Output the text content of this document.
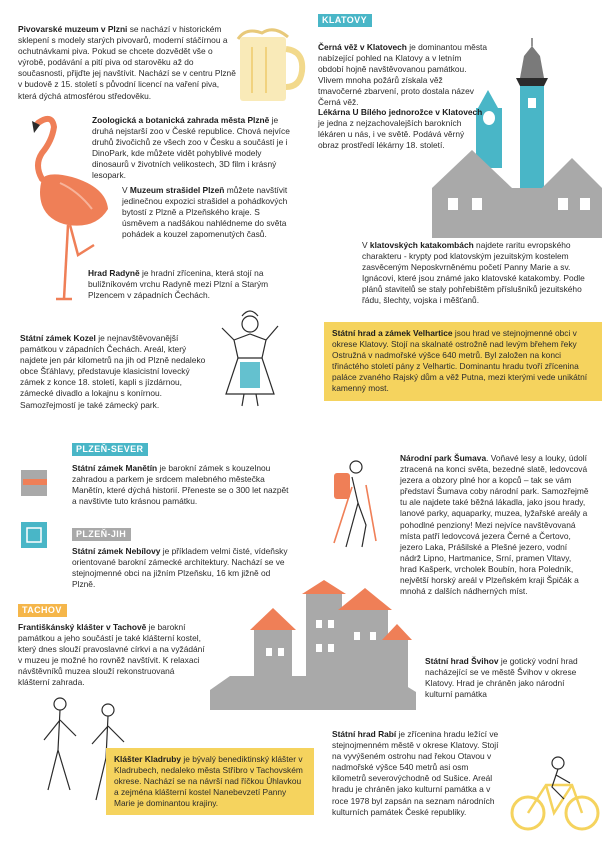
KLATOVY
PLZEŇ-SEVER
PLZEŇ-JIH
TACHOV
Pivovarské muzeum v Plzni se nachází v historickém sklepení s modely starých pivovarů, moderní stáčírnou a ochutnávkami piva. Pokud se chcete dozvědět vše o výrobě, podávání a pití piva od starověku až do současnosti, přijďte jej navštívit. Nachází se v centru Plzně v budově z 15. století s původní licencí na vaření piva, která dýchá atmosférou středověku.
Zoologická a botanická zahrada města Plzně je druhá nejstarší zoo v České republice. Chová nejvíce druhů živočichů ze všech zoo v Česku a součástí je i DinoPark, kde můžete vidět pohyblivé modely dinosaurů v životních velikostech, 3D film i krásný lesopark.
V Muzeum strašidel Plzeň můžete navštívit jedinečnou expozici strašidel a pohádkových bytostí z Plzně a Plzeňského kraje. S úsměvem a nadšákou nahlédneme do světa pohádek a kouzel zapomenutých časů.
Hrad Radyně je hradní zřícenina, která stojí na bulížníkovém vrchu Radyně mezi Plzní a Starým Plzencem v západních Čechách.
Státní zámek Kozel je nejnavštěvovanější památkou v západních Čechách. Areál, který najdete jen pár kilometrů na jih od Plzně nedaleko obce Šťáhlavy, představuje klasicistní lovecký zámek z konce 18. století, kapli s jízdárnou, zámecké divadlo a lokajnu s konírnou. Samozřejmostí je také zámecký park.
Černá věž v Klatovech je dominantou města nabízející pohled na Klatovy a v letním období hojně navštěvovanou památkou. Vlivem mnoha požárů získala věž tmavočerné zbarvení, proto dostala název Černá věž.
Lékárna U Bílého jednorožce v Klatovech je jedna z nejzachovalejších barokních lékáren u nás, i ve světě. Podává věrný obraz prostředí lékárny 18. století.
V klatovských katakombách najdete raritu evropského charakteru - krypty pod klatovským jezuitským kostelem zasvěceným Neposkvrněnému početí Panny Marie a sv. Ignácovi, které jsou známé jako klatovské katakomby. Podle plánů stavitelů se staly pohřebištěm příslušníků jezuitského řádu, šlechty, vojska i měšťanů.
Státní hrad a zámek Velhartice jsou hrad ve stejnojmenné obci v okrese Klatovy. Stojí na skalnaté ostrožně nad levým břehem řeky Ostružná v nadmořské výšce 640 metrů. Byl založen na konci třináctého století pány z Velhartic. Dominantu hradu tvoří zřícenina paláce zvaného Rajský dům a věž Putna, mezi kterými vede unikátní kamenný most.
Státní zámek Manětín je barokní zámek s kouzelnou zahradou a parkem je srdcem malebného městečka Manětín, které dýchá historií. Přeneste se o 300 let nazpět a navštivte tuto krásnou památku.
Státní zámek Nebílovy je příkladem velmi čisté, vídeňsky orientované barokní zámecké architektury. Nachází se ve stejnojmenné obci na jižním Plzeňsku, 16 km jižně od Plzně.
Národní park Šumava. Voňavé lesy a louky, údolí ztracená na konci světa, bezedné slatě, ledovcová jezera a obzory plné hor a kopců – tak se vám představí Šumava coby národní park. Samozřejmě tu ale najdete také běžná lákadla, jako jsou hrady, lanové parky, aquaparky, muzea, lyžařské areály a pohodlné penziony! Mezi nejvíce navštěvovaná místa patří ledovcová jezera Černé a Čertovo, jezero Laka, Prášilské a Plešné jezero, vodní nádrž Lipno, Hartmanice, Srní, pramen Vltavy, hrad Kašperk, vrcholek Boubín, hora Poledník, největší horský areál v Plzeňském kraji Špičák a mnohá z dalších nádherných míst.
Františkánský klášter v Tachově je barokní památkou a jeho součástí je také klášterní kostel, který dnes slouží pravoslavné církvi a na vyžádání v muzeu je možné ho rovněž navštívit. K relaxaci návštěvníků muzea slouží rekonstruovaná klášterní zahrada.
Státní hrad Švihov je gotický vodní hrad nacházející se ve městě Švihov v okrese Klatovy. Hrad je chráněn jako národní kulturní památka
Klášter Kladruby je bývalý benediktinský klášter v Kladrubech, nedaleko města Stříbro v Tachovském okrese. Nachází se na návrší nad říčkou Úhlavkou a zejména klášterní kostel Nanebevzetí Panny Marie je dominantou krajiny.
Státní hrad Rabí je zřícenina hradu ležící ve stejnojmenném městě v okrese Klatovy. Stojí na vyvýšeném ostrohu nad řekou Otavou v nadmořské výšce 540 metrů asi osm kilometrů severovýchodně od Sušice. Areál hradu je chráněn jako kulturní památka a v roce 1978 byl zapsán na seznam národních kulturních památek České republiky.
